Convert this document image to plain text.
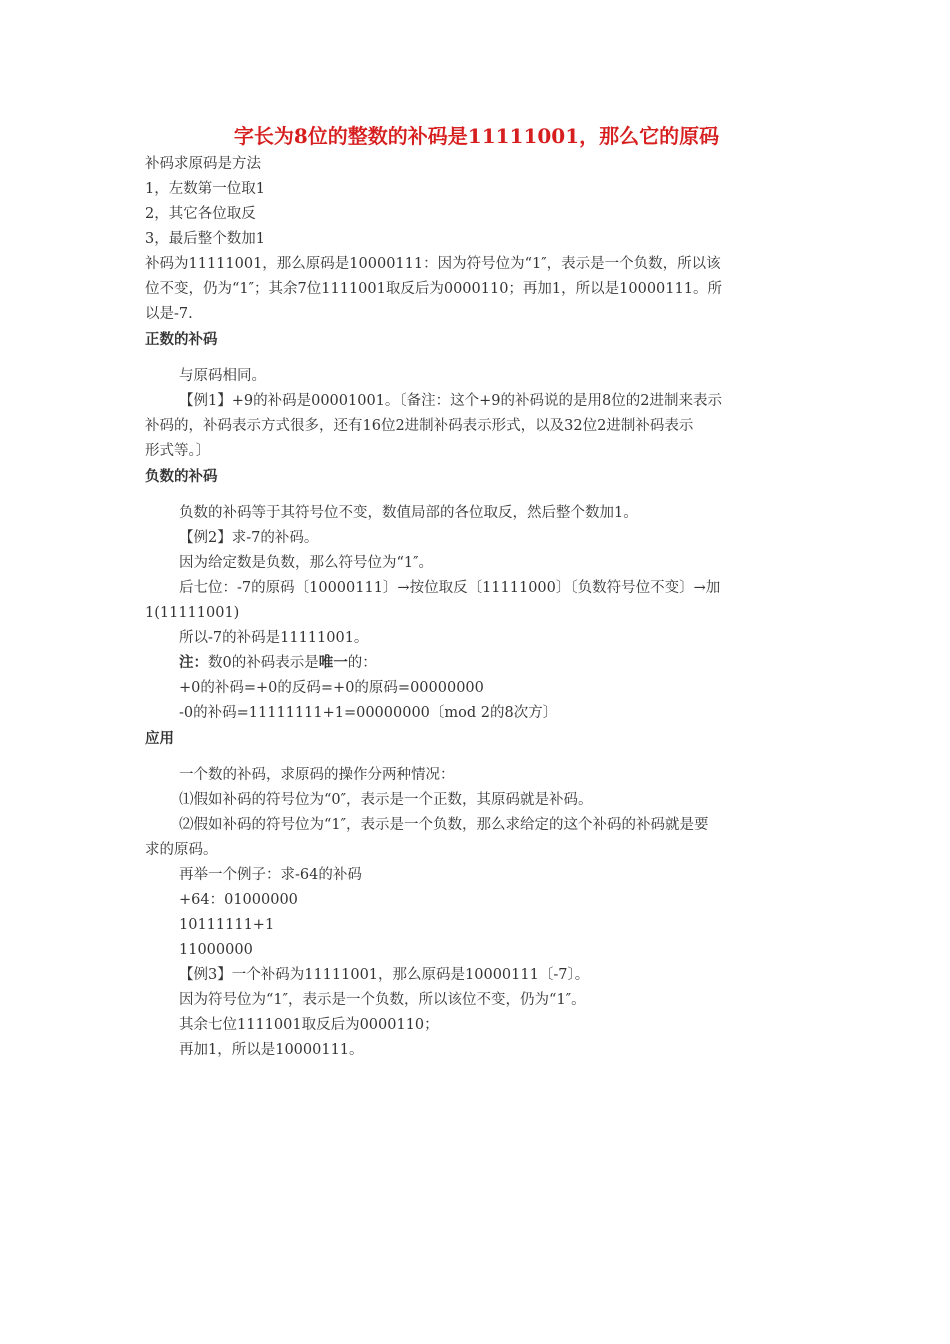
字长为8位的整数的补码是11111001，那么它的原码
补码求原码是方法
1，左数第一位取1
2，其它各位取反
3，最后整个数加1
补码为11111001，那么原码是10000111：因为符号位为“1″，表示是一个负数，所以该
位不变，仍为“1″；其余7位1111001取反后为0000110；再加1，所以是10000111。所
以是-7.
正数的补码
与原码相同。
【例1】+9的补码是00001001。〔备注：这个+9的补码说的是用8位的2进制来表示
补码的，补码表示方式很多，还有16位2进制补码表示形式，以及32位2进制补码表示
形式等。〕
负数的补码
负数的补码等于其符号位不变，数值局部的各位取反，然后整个数加1。
【例2】求-7的补码。
因为给定数是负数，那么符号位为“1″。
后七位：-7的原码〔10000111〕→按位取反〔11111000〕〔负数符号位不变〕→加
1(11111001)
所以-7的补码是11111001。
注：数0的补码表示是唯一的：
+0的补码=+0的反码=+0的原码=00000000
-0的补码=11111111+1=00000000〔mod 2的8次方〕
应用
一个数的补码，求原码的操作分两种情况：
⑴假如补码的符号位为“0″，表示是一个正数，其原码就是补码。
⑵假如补码的符号位为“1″，表示是一个负数，那么求给定的这个补码的补码就是要
求的原码。
再举一个例子：求-64的补码
+64：01000000
10111111+1
11000000
【例3】一个补码为11111001，那么原码是10000111〔-7〕。
因为符号位为“1″，表示是一个负数，所以该位不变，仍为“1″。
其余七位1111001取反后为0000110；
再加1，所以是10000111。
